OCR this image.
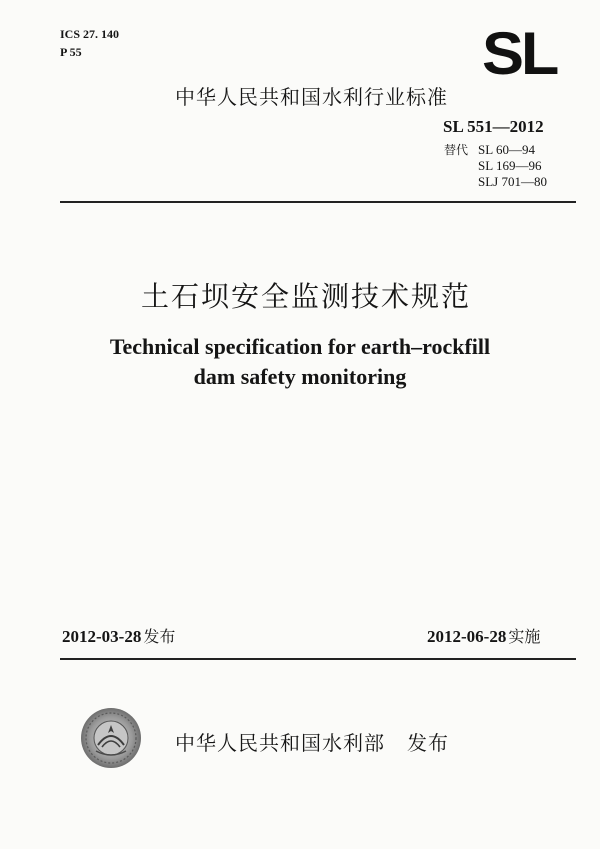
ICS 27. 140
P 55	SL
中华人民共和国水利行业标准
SL 551—2012
替代 SL 60—94
SL 169—96
SLJ 701—80
土石坝安全监测技术规范
Technical specification for earth–rockfill
dam safety monitoring
2012-03-28 发布	2012-06-28 实施
中华人民共和国水利部 发布
